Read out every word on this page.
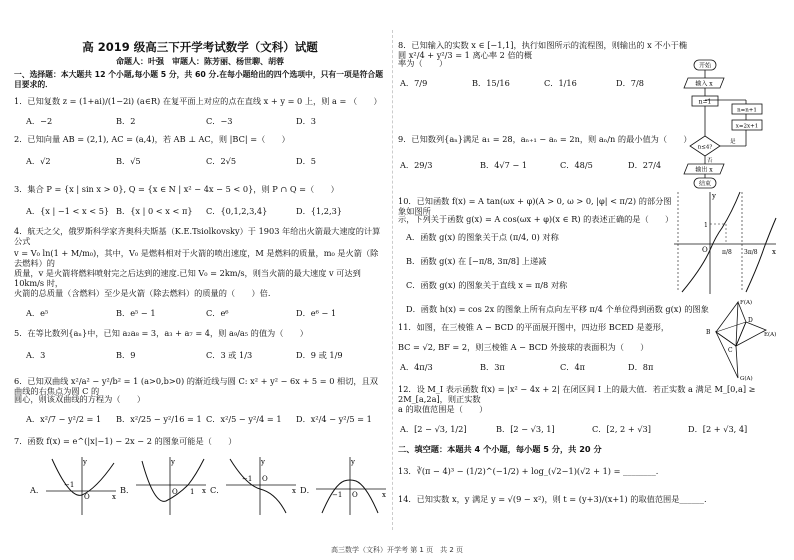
高 2019 级高三下开学考试数学（文科）试题
命题人：叶强　审题人：陈芳丽、杨世聊、胡蓉
一、选择题：本大题共 12 个小题,每小题 5 分，共 60 分.在每小题给出的四个选项中，只有一项是符合题目要求的．
1．已知复数 z = (1+ai)/(1−2i) (a∈R) 在复平面上对应的点在直线 x + y = 0 上，则 a = （　　）
A．−2	B．2	C．−3	D．3
2．已知向量 AB = (2,1), AC = (a,4)，若 AB ⊥ AC，则 |BC| =（　　）
A．√2	B．√5	C．2√5	D．5
3．集合 P = {x | sin x > 0}, Q = {x ∈ N | x² − 4x − 5 < 0}，则 P ∩ Q =（　　）
A．{x | −1 < x < 5} B．{x | 0 < x < π}	C．{0,1,2,3,4}	D．{1,2,3}
4．航天之父，俄罗斯科学家齐奥科夫斯基（K.E.Tsiolkovsky）于 1903 年给出火箭最大速度的计算公式
v = V₀ ln(1 + M/m₀)，其中，V₀ 是燃料相对于火箭的喷出速度，M 是燃料的质量，m₀ 是火箭（除去燃料）的
质量，v 是火箭将燃料喷射完之后达到的速度.已知 V₀ = 2km/s，则当火箭的最大速度 v 可达到 10km/s 时，
火箭的总质量（含燃料）至少是火箭（除去燃料）的质量的（　　）倍.
A．e⁵	B．e⁵ − 1	C．e⁶	D．e⁶ − 1
5．在等比数列{aₙ}中，已知 a₂a₈ = 3，a₃ + a₇ = 4，则 a₉/a₅ 的值为（　　）
A．3	B．9	C．3 或 1/3	D．9 或 1/9
6．已知双曲线 x²/a² − y²/b² = 1 (a>0,b>0) 的渐近线与圆 C: x² + y² − 6x + 5 = 0 相切，且双曲线的右焦点为圆 C 的
圆心，则该双曲线的方程为（　　）
A．x²/7 − y²/2 = 1	B．x²/25 − y²/16 = 1 C．x²/5 − y²/4 = 1	D．x²/4 − y²/5 = 1
7．函数 f(x) = e^(|x|−1) − 2x − 2 的图象可能是（　　）
A．
y
x
O
−1	B．
y
x
O 1 C．
y
x
O
−1
D．
y
x
O
−1
8．已知输入的实数 x ∈ [−1,1]，执行如图所示的流程图，则输出的 x 不小于椭圆 x²/4 + y²/3 = 1 离心率 2 倍的概
率为（　　）
A．7/9	B．15/16	C．1/16	D．7/8
开始
输入 x
n=1
n≤4?
是
x=2x+1
n=n+1
否
输出 x
结束
9．已知数列{aₙ}满足 a₁ = 28，aₙ₊₁ − aₙ = 2n，则 aₙ/n 的最小值为（　　）
A．29/3	B．4√7 − 1	C．48/5	D．27/4
10．已知函数 f(x) = A tan(ωx + φ)(A > 0, ω > 0, |φ| < π/2) 的部分图象如图所
示，下列关于函数 g(x) = A cos(ωx + φ)(x ∈ R) 的表述正确的是（　　）
A．函数 g(x) 的图象关于点 (π/4, 0) 对称
B．函数 g(x) 在 [−π/8, 3π/8] 上递减
C．函数 g(x) 的图象关于直线 x = π/8 对称
D．函数 h(x) = cos 2x 的图象上所有点向左平移 π/4 个单位得到函数 g(x) 的图象
y
x
O
1
π/8 3π/8
11．如图，在三棱锥 A − BCD 的平面展开图中，四边形 BCED 是菱形，
BC = √2, BF = 2，则三棱锥 A − BCD 外接球的表面积为（　　）
A．4π/3	B．3π	C．4π	D．8π
F(A)
B
D
C
E(A)
G(A)
12．设 M_I 表示函数 f(x) = |x² − 4x + 2| 在闭区间 I 上的最大值．若正实数 a 满足 M_[0,a] ≥ 2M_[a,2a]，则正实数
a 的取值范围是（　　）
A．[2 − √3, 1/2]	B．[2 − √3, 1]	C．[2, 2 + √3]	D．[2 + √3, 4]
二、填空题：本题共 4 个小题，每小题 5 分，共 20 分
13．∛(π − 4)³ − (1/2)^(−1/2) + log_(√2−1)(√2 + 1) = ________.
14．已知实数 x，y 满足 y = √(9 − x²)，则 t = (y+3)/(x+1) 的取值范围是______.
高三数学（文科）开学考 第 1 页　共 2 页
